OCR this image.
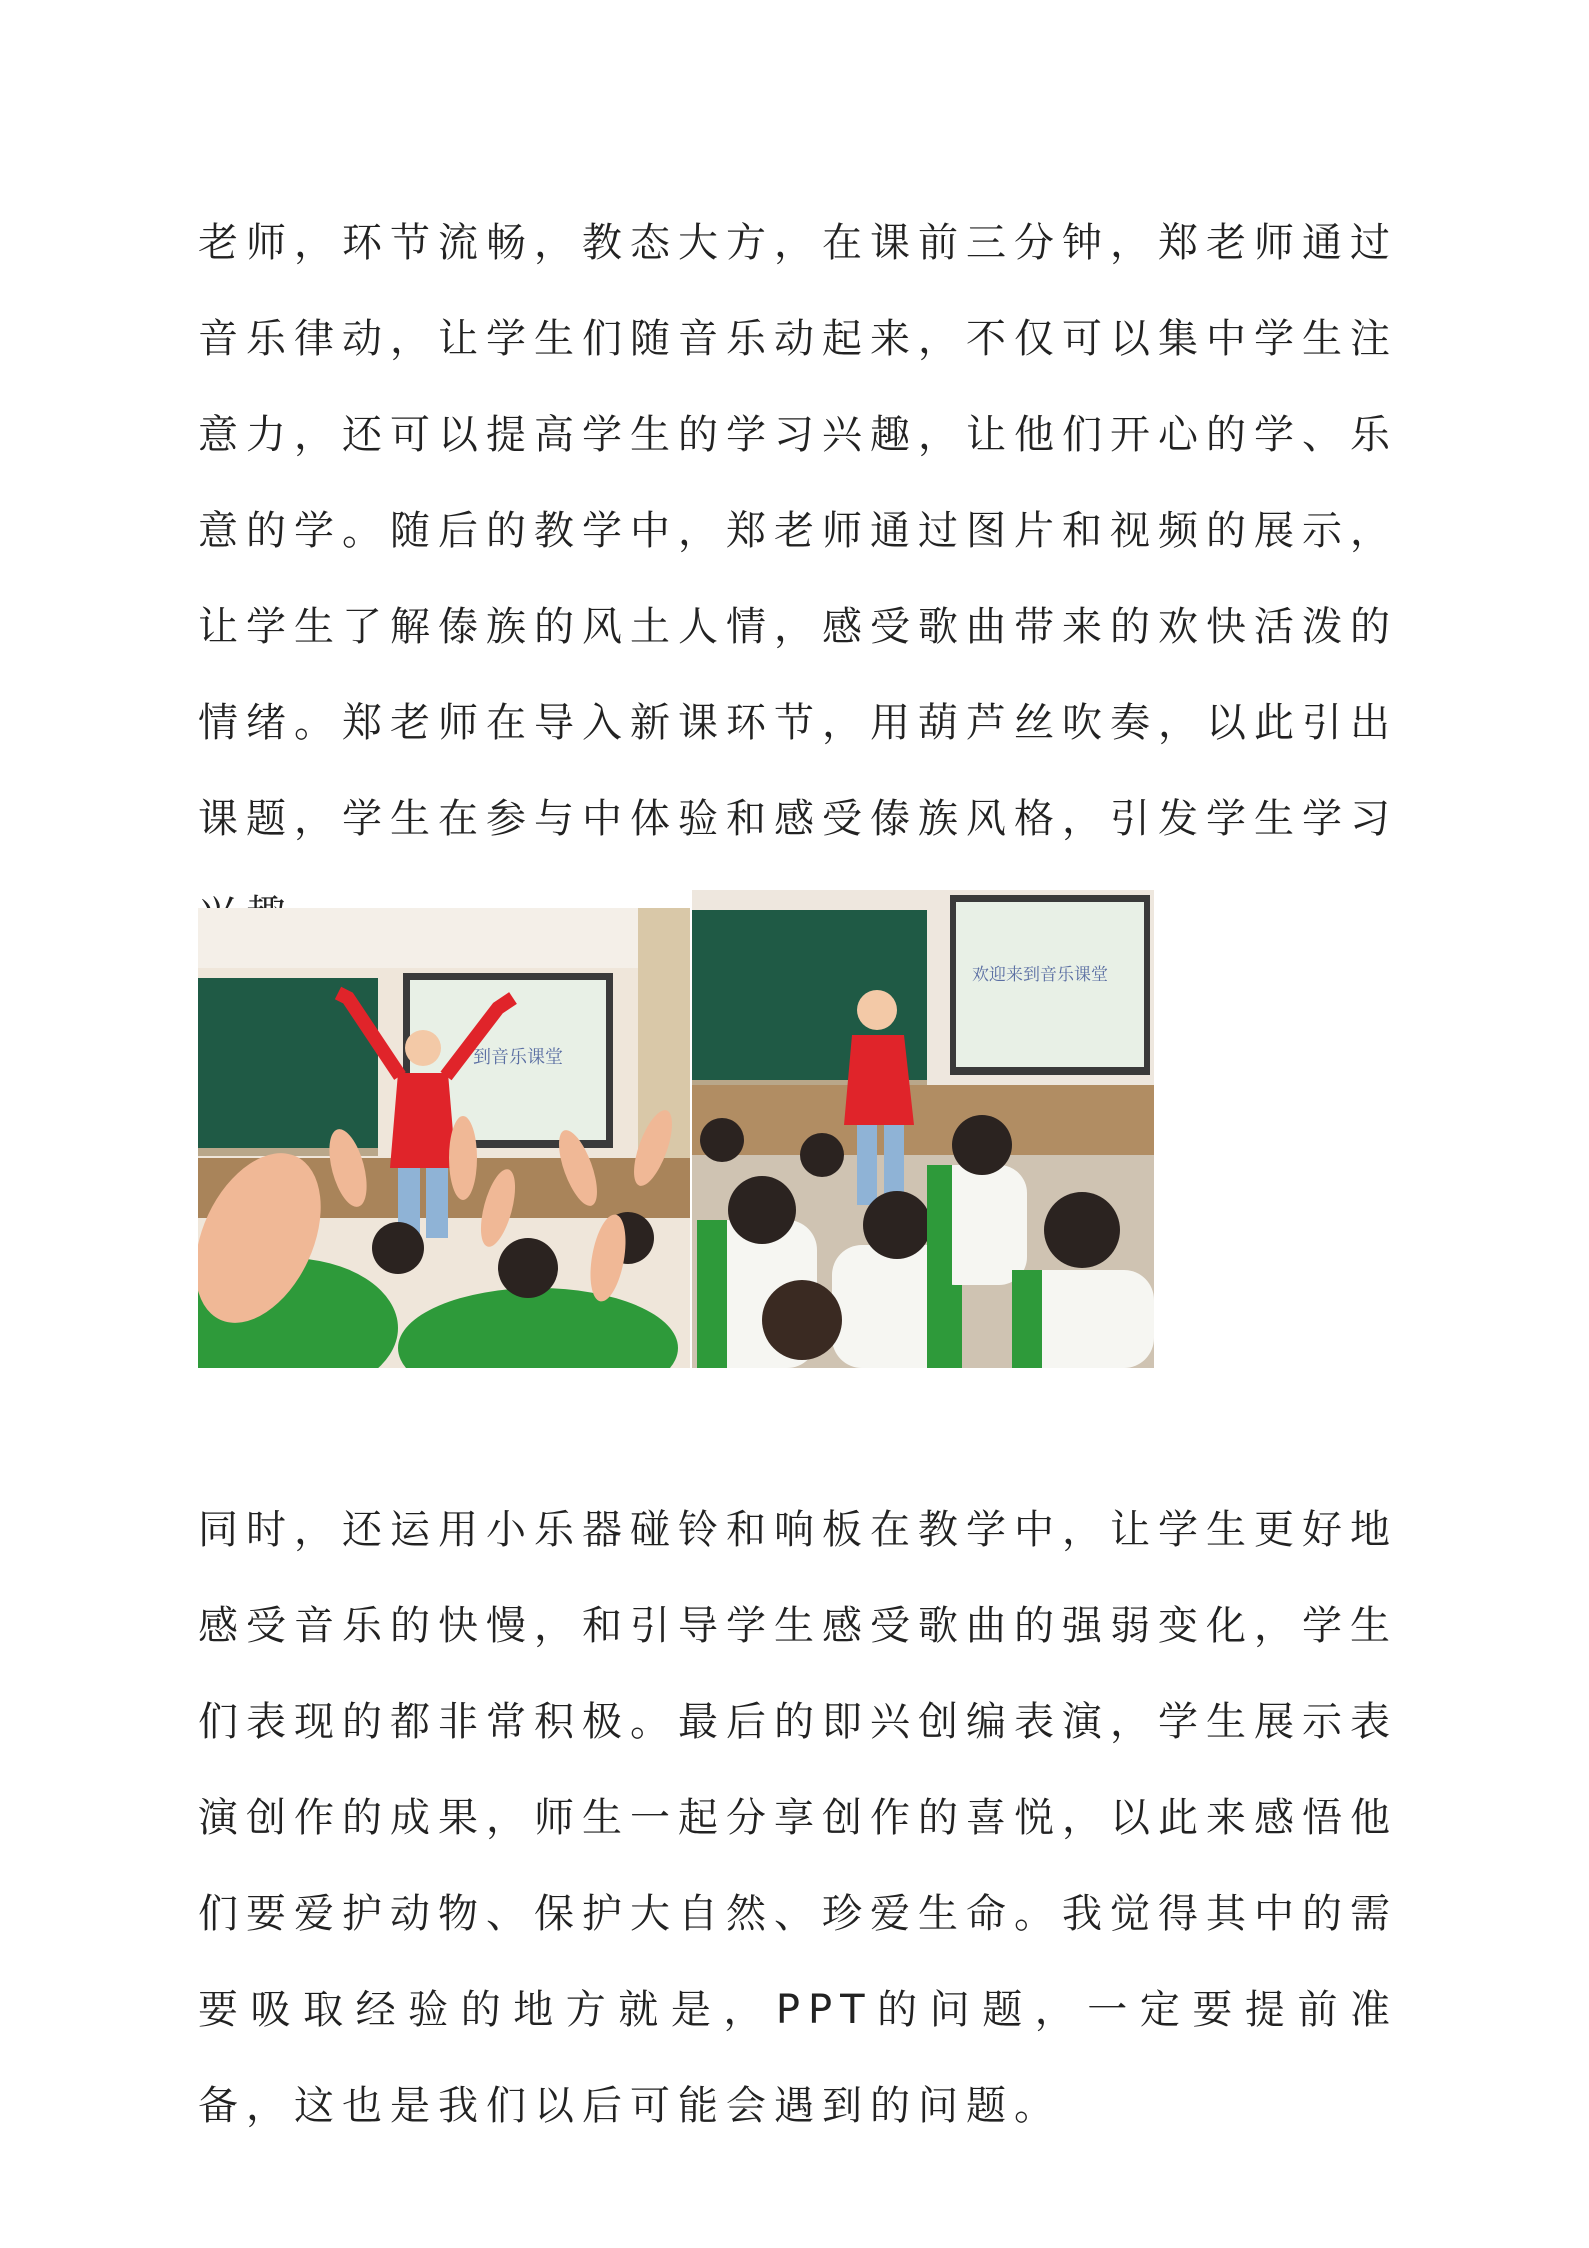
老师，环节流畅，教态大方，在课前三分钟，郑老师通过音乐律动，让学生们随音乐动起来，不仅可以集中学生注意力，还可以提高学生的学习兴趣，让他们开心的学、乐意的学。随后的教学中，郑老师通过图片和视频的展示，让学生了解傣族的风土人情，感受歌曲带来的欢快活泼的情绪。郑老师在导入新课环节，用葫芦丝吹奏，以此引出课题，学生在参与中体验和感受傣族风格，引发学生学习

到音乐课堂
欢迎来到音乐课堂

同时，还运用小乐器碰铃和响板在教学中，让学生更好地感受音乐的快慢，和引导学生感受歌曲的强弱变化，学生们表现的都非常积极。最后的即兴创编表演，学生展示表演创作的成果，师生一起分享创作的喜悦，以此来感悟他们要爱护动物、保护大自然、珍爱生命。我觉得其中的需要吸取经验的地方就是，PPT的问题，一定要提前准备，这也是我们以后可能会遇到的问题。
